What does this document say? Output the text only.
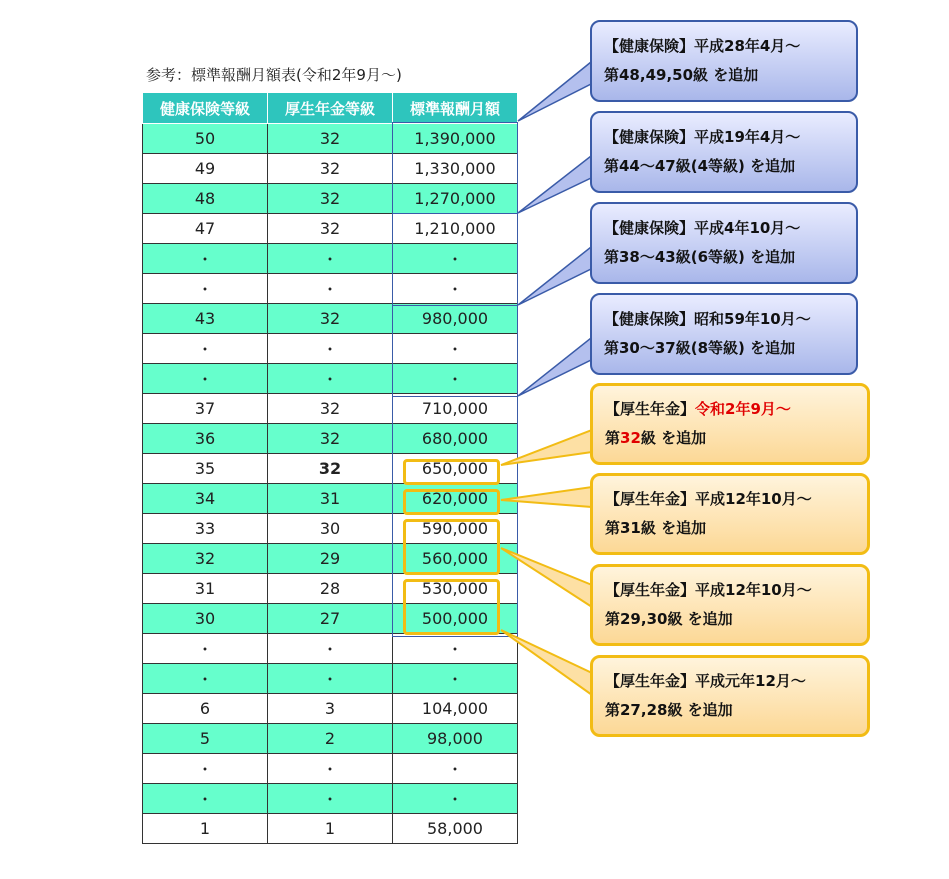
参考：標準報酬月額表(令和2年9月～)
健康保険等級	厚生年金等級	標準報酬月額
50	32	1,390,000
49	32	1,330,000
48	32	1,270,000
47	32	1,210,000
・	・	・
・	・	・
43	32	980,000
・	・	・
・	・	・
37	32	710,000
36	32	680,000
35	32	650,000
34	31	620,000
33	30	590,000
32	29	560,000
31	28	530,000
30	27	500,000
・	・	・
・	・	・
6	3	104,000
5	2	98,000
・	・	・
・	・	・
1	1	58,000
【健康保険】平成28年4月～
第48,49,50級 を追加
【健康保険】平成19年4月～
第44～47級(4等級) を追加
【健康保険】平成4年10月～
第38～43級(6等級) を追加
【健康保険】昭和59年10月～
第30～37級(8等級) を追加
【厚生年金】令和2年9月～
第32級 を追加
【厚生年金】平成12年10月～
第31級 を追加
【厚生年金】平成12年10月～
第29,30級 を追加
【厚生年金】平成元年12月～
第27,28級 を追加
